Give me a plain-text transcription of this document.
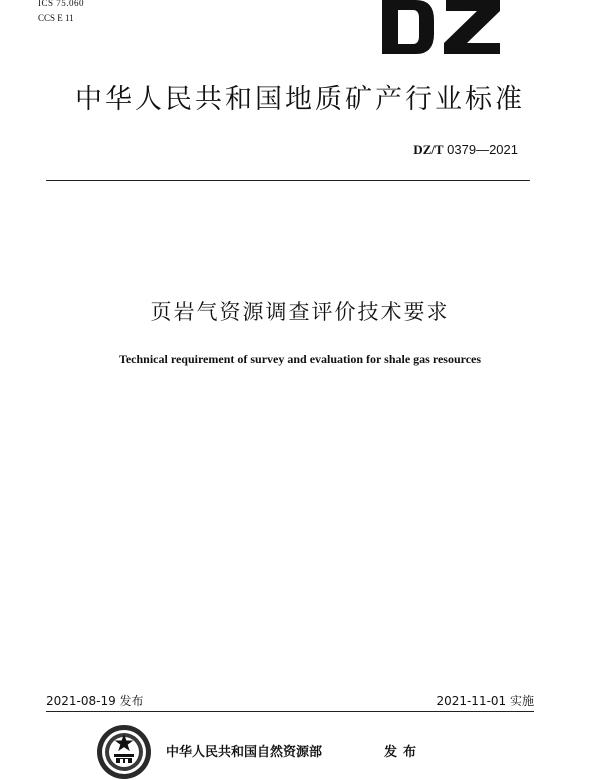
ICS 75.060
CCS E 11
中华人民共和国地质矿产行业标准
DZ/T 0379—2021
页岩气资源调查评价技术要求
Technical requirement of survey and evaluation for shale gas resources
2021-08-19 发布	2021-11-01 实施
中华人民共和国自然资源部	发布
